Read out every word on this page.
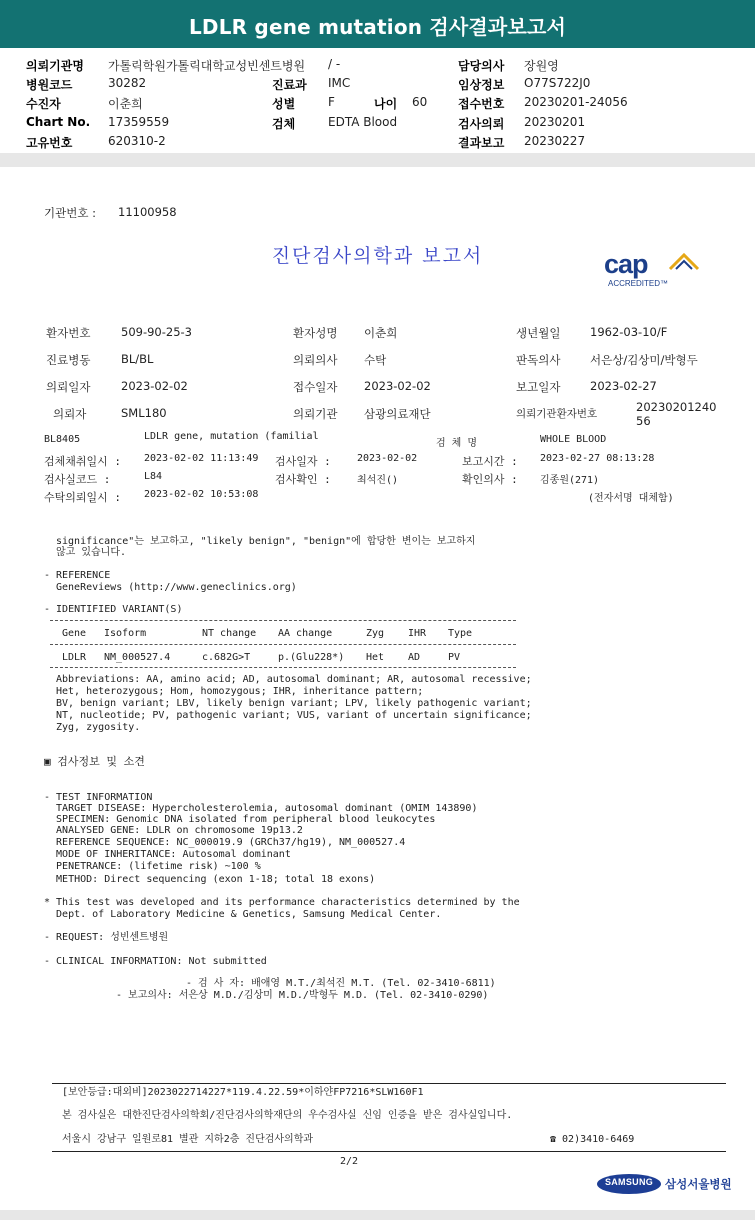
LDLR gene mutation 검사결과보고서
의뢰기관명 가톨릭학원가톨릭대학교성빈센트병원 / -	담당의사 장원영
병원코드	30282	진료과 IMC	임상정보 O77S722J0
수진자	이춘희	성별	F	나이 60	접수번호 20230201-24056
Chart No. 17359559	검체	EDTA Blood	검사의뢰 20230201
고유번호	620310-2	결과보고 20230227
기관번호 : 11100958
진단검사의학과 보고서	cap
ACCREDITED™
환자번호	509-90-25-3	환자성명 이춘희	생년월일	1962-03-10/F
진료병동	BL/BL	의뢰의사 수탁	판독의사	서은상/김상미/박형두
의뢰일자	2023-02-02	접수일자 2023-02-02	보고일자	2023-02-27
의뢰자	SML180	의뢰기관 삼광의료재단	의뢰기관환자번호	2023020124056
BL8405	LDLR gene, mutation (familial
검 체 명	WHOLE BLOOD
검체채취일시 : 2023-02-02 11:13:49 검사일자 :	2023-02-02	보고시간 : 2023-02-27 08:13:28
검사실코드 :	L84	검사확인 :	최석진()	확인의사 : 김종원(271)
수탁의뢰일시 : 2023-02-02 10:53:08	(전자서명 대체함)
significance"는 보고하고, "likely benign", "benign"에 합당한 변이는 보고하지
않고 있습니다.
- REFERENCE
GeneReviews (http://www.geneclinics.org)
- IDENTIFIED VARIANT(S)
Gene Isoform	NT change AA change	Zyg IHR Type
LDLR NM_000527.4	c.682G>T	p.(Glu228*) Het AD	PV
Abbreviations: AA, amino acid; AD, autosomal dominant; AR, autosomal recessive;
Het, heterozygous; Hom, homozygous; IHR, inheritance pattern;
BV, benign variant; LBV, likely benign variant; LPV, likely pathogenic variant;
NT, nucleotide; PV, pathogenic variant; VUS, variant of uncertain significance;
Zyg, zygosity.
▣ 검사정보 및 소견
- TEST INFORMATION
TARGET DISEASE: Hypercholesterolemia, autosomal dominant (OMIM 143890)
SPECIMEN: Genomic DNA isolated from peripheral blood leukocytes
ANALYSED GENE: LDLR on chromosome 19p13.2
REFERENCE SEQUENCE: NC_000019.9 (GRCh37/hg19), NM_000527.4
MODE OF INHERITANCE: Autosomal dominant
PENETRANCE: (lifetime risk) ~100 %
METHOD: Direct sequencing (exon 1-18; total 18 exons)
* This test was developed and its performance characteristics determined by the
Dept. of Laboratory Medicine & Genetics, Samsung Medical Center.
- REQUEST: 성빈센트병원
- CLINICAL INFORMATION: Not submitted
- 검 사 자: 배애영 M.T./최석진 M.T. (Tel. 02-3410-6811)
- 보고의사: 서은상 M.D./김상미 M.D./박형두 M.D. (Tel. 02-3410-0290)
[보안등급:대외비]2023022714227*119.4.22.59*이하얀FP7216*SLW160F1
본 검사실은 대한진단검사의학회/진단검사의학재단의 우수검사실 신임 인증을 받은 검사실입니다.
서울시 강남구 일원로81 별관 지하2층 진단검사의학과	☎ 02)3410-6469
2/2
SAMSUNG	삼성서울병원
